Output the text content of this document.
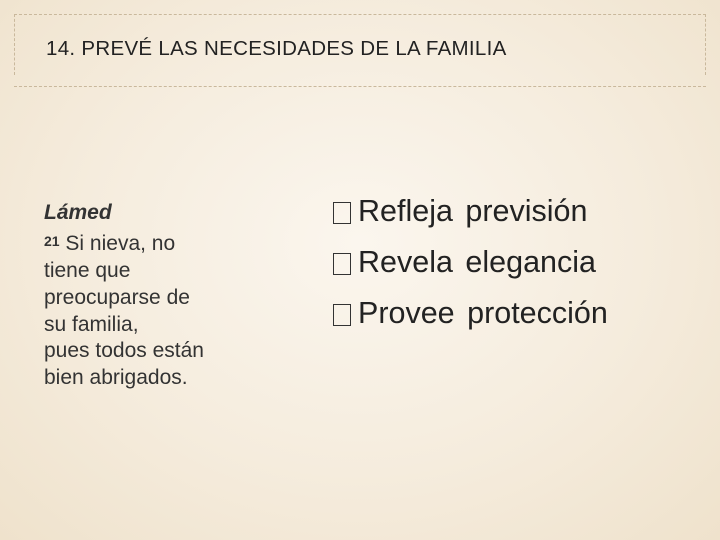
14. PREVÉ LAS NECESIDADES DE LA FAMILIA
Lámed
$^{21}$ Si nieva, no
tiene que
preocuparse de
su familia,
pues todos están
bien abrigados.
Refleja previsión
Revela elegancia
Provee protección
